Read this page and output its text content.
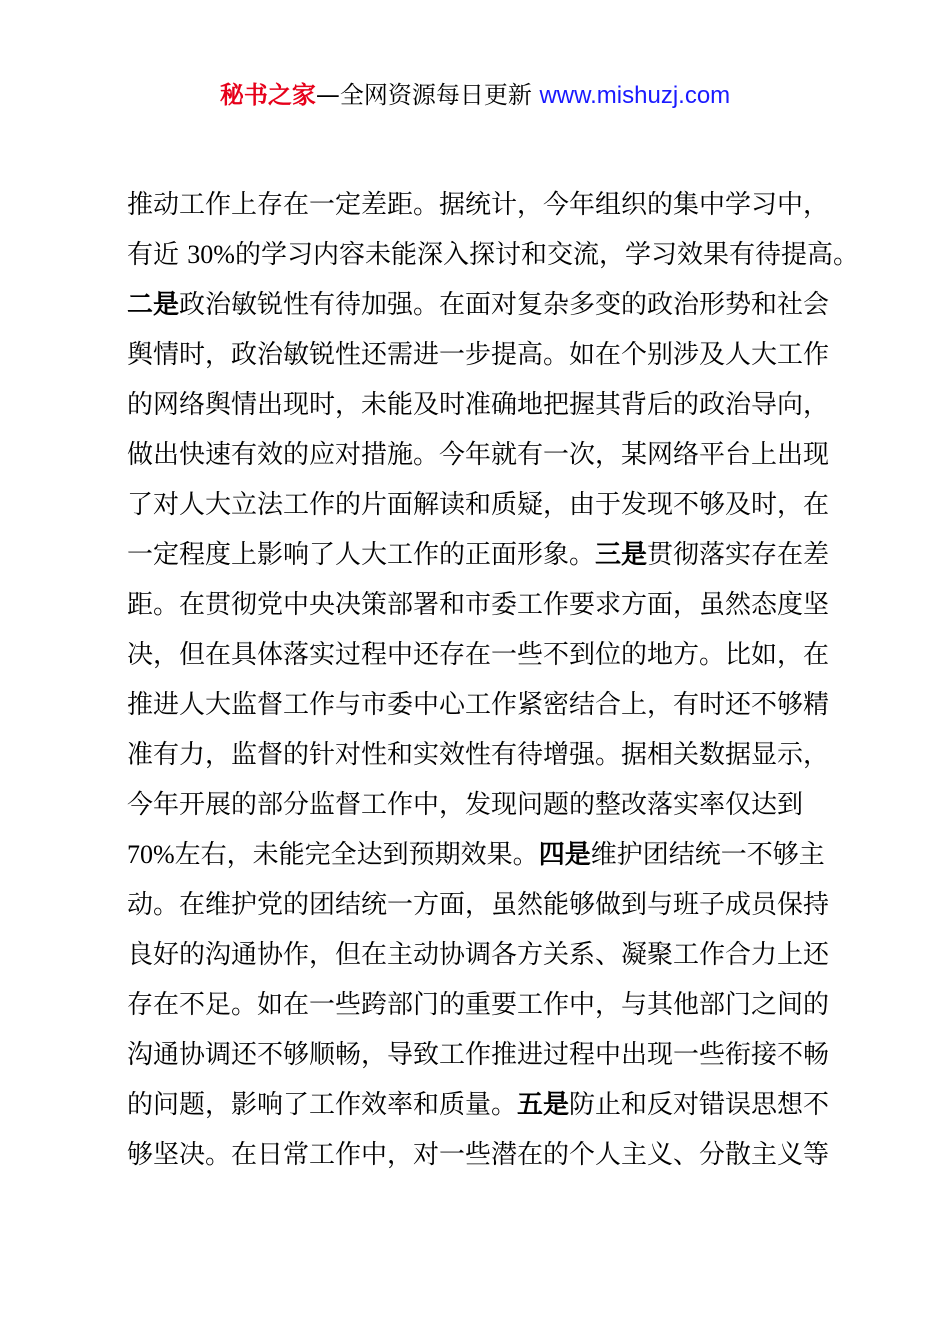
秘书之家—全网资源每日更新 www.mishuzj.com
推动工作上存在一定差距。据统计，今年组织的集中学习中，
有近 30%的学习内容未能深入探讨和交流，学习效果有待提高。
二是政治敏锐性有待加强。在面对复杂多变的政治形势和社会
舆情时，政治敏锐性还需进一步提高。如在个别涉及人大工作
的网络舆情出现时，未能及时准确地把握其背后的政治导向，
做出快速有效的应对措施。今年就有一次，某网络平台上出现
了对人大立法工作的片面解读和质疑，由于发现不够及时，在
一定程度上影响了人大工作的正面形象。三是贯彻落实存在差
距。在贯彻党中央决策部署和市委工作要求方面，虽然态度坚
决，但在具体落实过程中还存在一些不到位的地方。比如，在
推进人大监督工作与市委中心工作紧密结合上，有时还不够精
准有力，监督的针对性和实效性有待增强。据相关数据显示，
今年开展的部分监督工作中，发现问题的整改落实率仅达到
70%左右，未能完全达到预期效果。四是维护团结统一不够主
动。在维护党的团结统一方面，虽然能够做到与班子成员保持
良好的沟通协作，但在主动协调各方关系、凝聚工作合力上还
存在不足。如在一些跨部门的重要工作中，与其他部门之间的
沟通协调还不够顺畅，导致工作推进过程中出现一些衔接不畅
的问题，影响了工作效率和质量。五是防止和反对错误思想不
够坚决。在日常工作中，对一些潜在的个人主义、分散主义等
